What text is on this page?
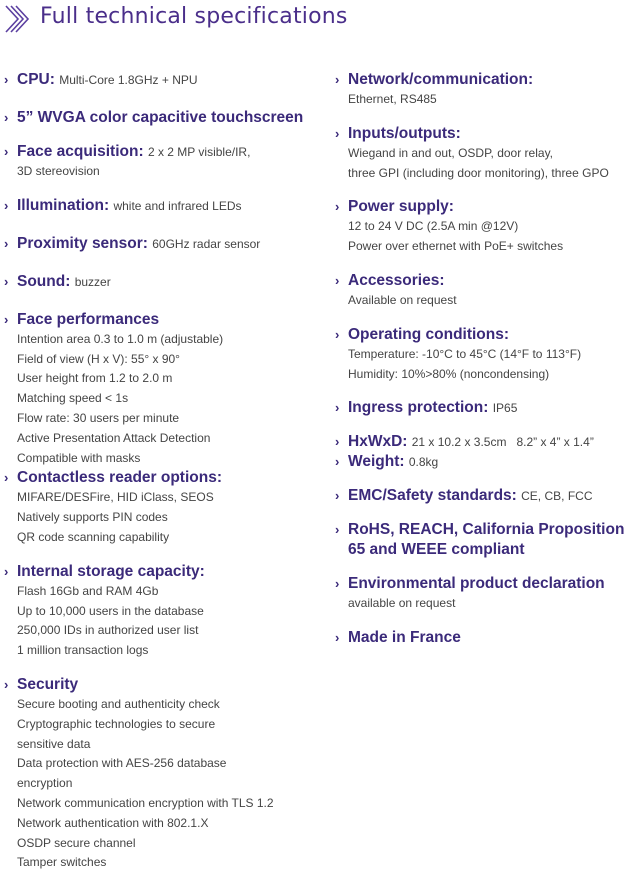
Full technical specifications
› CPU: Multi-Core 1.8GHz + NPU
› 5” WVGA color capacitive touchscreen
› Face acquisition: 2 x 2 MP visible/IR,
3D stereovision
› Illumination: white and infrared LEDs
› Proximity sensor: 60GHz radar sensor
› Sound: buzzer
› Face performances
Intention area 0.3 to 1.0 m (adjustable)
Field of view (H x V): 55° x 90°
User height from 1.2 to 2.0 m
Matching speed < 1s
Flow rate: 30 users per minute
Active Presentation Attack Detection
Compatible with masks
› Contactless reader options:
MIFARE/DESFire, HID iClass, SEOS
Natively supports PIN codes
QR code scanning capability
› Internal storage capacity:
Flash 16Gb and RAM 4Gb
Up to 10,000 users in the database
250,000 IDs in authorized user list
1 million transaction logs
› Security
Secure booting and authenticity check
Cryptographic technologies to secure
sensitive data
Data protection with AES-256 database
encryption
Network communication encryption with TLS 1.2
Network authentication with 802.1.X
OSDP secure channel
Tamper switches
› Network/communication:
Ethernet, RS485
› Inputs/outputs:
Wiegand in and out, OSDP, door relay,
three GPI (including door monitoring), three GPO
› Power supply:
12 to 24 V DC (2.5A min @12V)
Power over ethernet with PoE+ switches
› Accessories:
Available on request
› Operating conditions:
Temperature: -10°C to 45°C (14°F to 113°F)
Humidity: 10%>80% (noncondensing)
› Ingress protection: IP65
› HxWxD: 21 x 10.2 x 3.5cm   8.2” x 4” x 1.4”
› Weight: 0.8kg
› EMC/Safety standards: CE, CB, FCC
› RoHS, REACH, California Proposition
65 and WEEE compliant
› Environmental product declaration
available on request
› Made in France
